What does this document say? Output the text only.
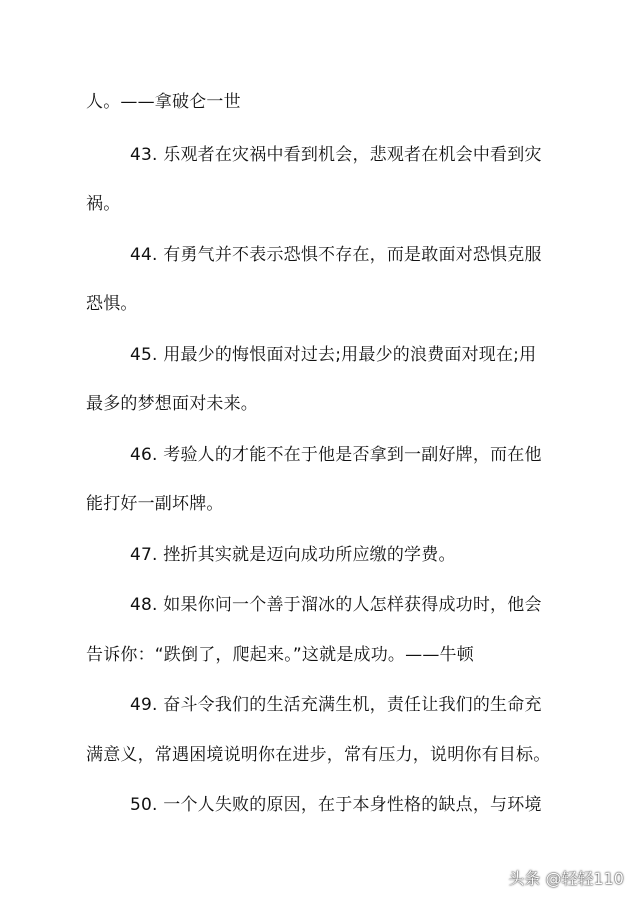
人。——拿破仑一世
43. 乐观者在灾祸中看到机会，悲观者在机会中看到灾
祸。
44. 有勇气并不表示恐惧不存在，而是敢面对恐惧克服
恐惧。
45. 用最少的悔恨面对过去;用最少的浪费面对现在;用
最多的梦想面对未来。
46. 考验人的才能不在于他是否拿到一副好牌，而在他
能打好一副坏牌。
47. 挫折其实就是迈向成功所应缴的学费。
48. 如果你问一个善于溜冰的人怎样获得成功时，他会
告诉你：“跌倒了，爬起来。”这就是成功。——牛顿
49. 奋斗令我们的生活充满生机，责任让我们的生命充
满意义，常遇困境说明你在进步，常有压力，说明你有目标。
50. 一个人失败的原因，在于本身性格的缺点，与环境
头条 @轻轻110
